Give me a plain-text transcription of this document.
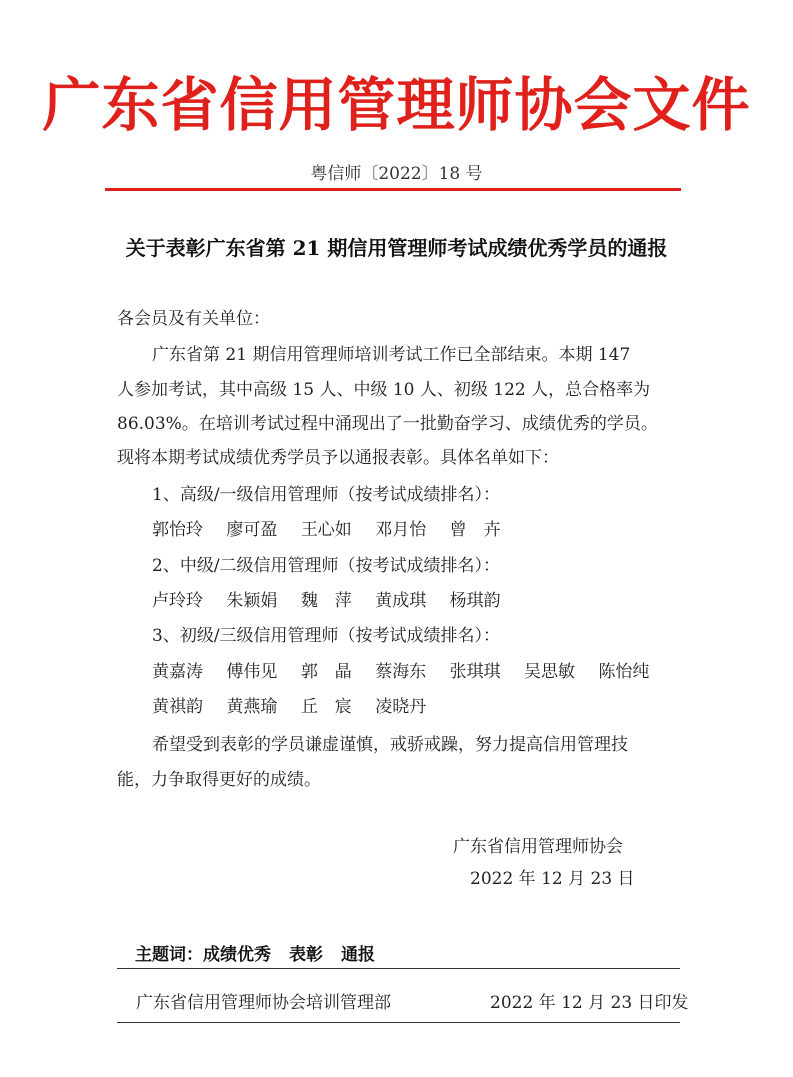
广东省信用管理师协会文件
粤信师〔2022〕18 号
关于表彰广东省第 21 期信用管理师考试成绩优秀学员的通报
各会员及有关单位：
广东省第 21 期信用管理师培训考试工作已全部结束。本期 147
人参加考试，其中高级 15 人、中级 10 人、初级 122 人，总合格率为
86.03%。在培训考试过程中涌现出了一批勤奋学习、成绩优秀的学员。
现将本期考试成绩优秀学员予以通报表彰。具体名单如下：
1、高级/一级信用管理师（按考试成绩排名）：
郭怡玲 廖可盈 王心如 邓月怡 曾　卉
2、中级/二级信用管理师（按考试成绩排名）：
卢玲玲 朱颖娟 魏　萍 黄成琪 杨琪韵
3、初级/三级信用管理师（按考试成绩排名）：
黄嘉涛 傅伟见 郭　晶 蔡海东 张琪琪 吴思敏 陈怡纯
黄祺韵 黄燕瑜 丘　宸 凌晓丹
希望受到表彰的学员谦虚谨慎，戒骄戒躁，努力提高信用管理技
能，力争取得更好的成绩。
广东省信用管理师协会
2022 年 12 月 23 日
主题词：成绩优秀 表彰 通报
广东省信用管理师协会培训管理部	2022 年 12 月 23 日印发
